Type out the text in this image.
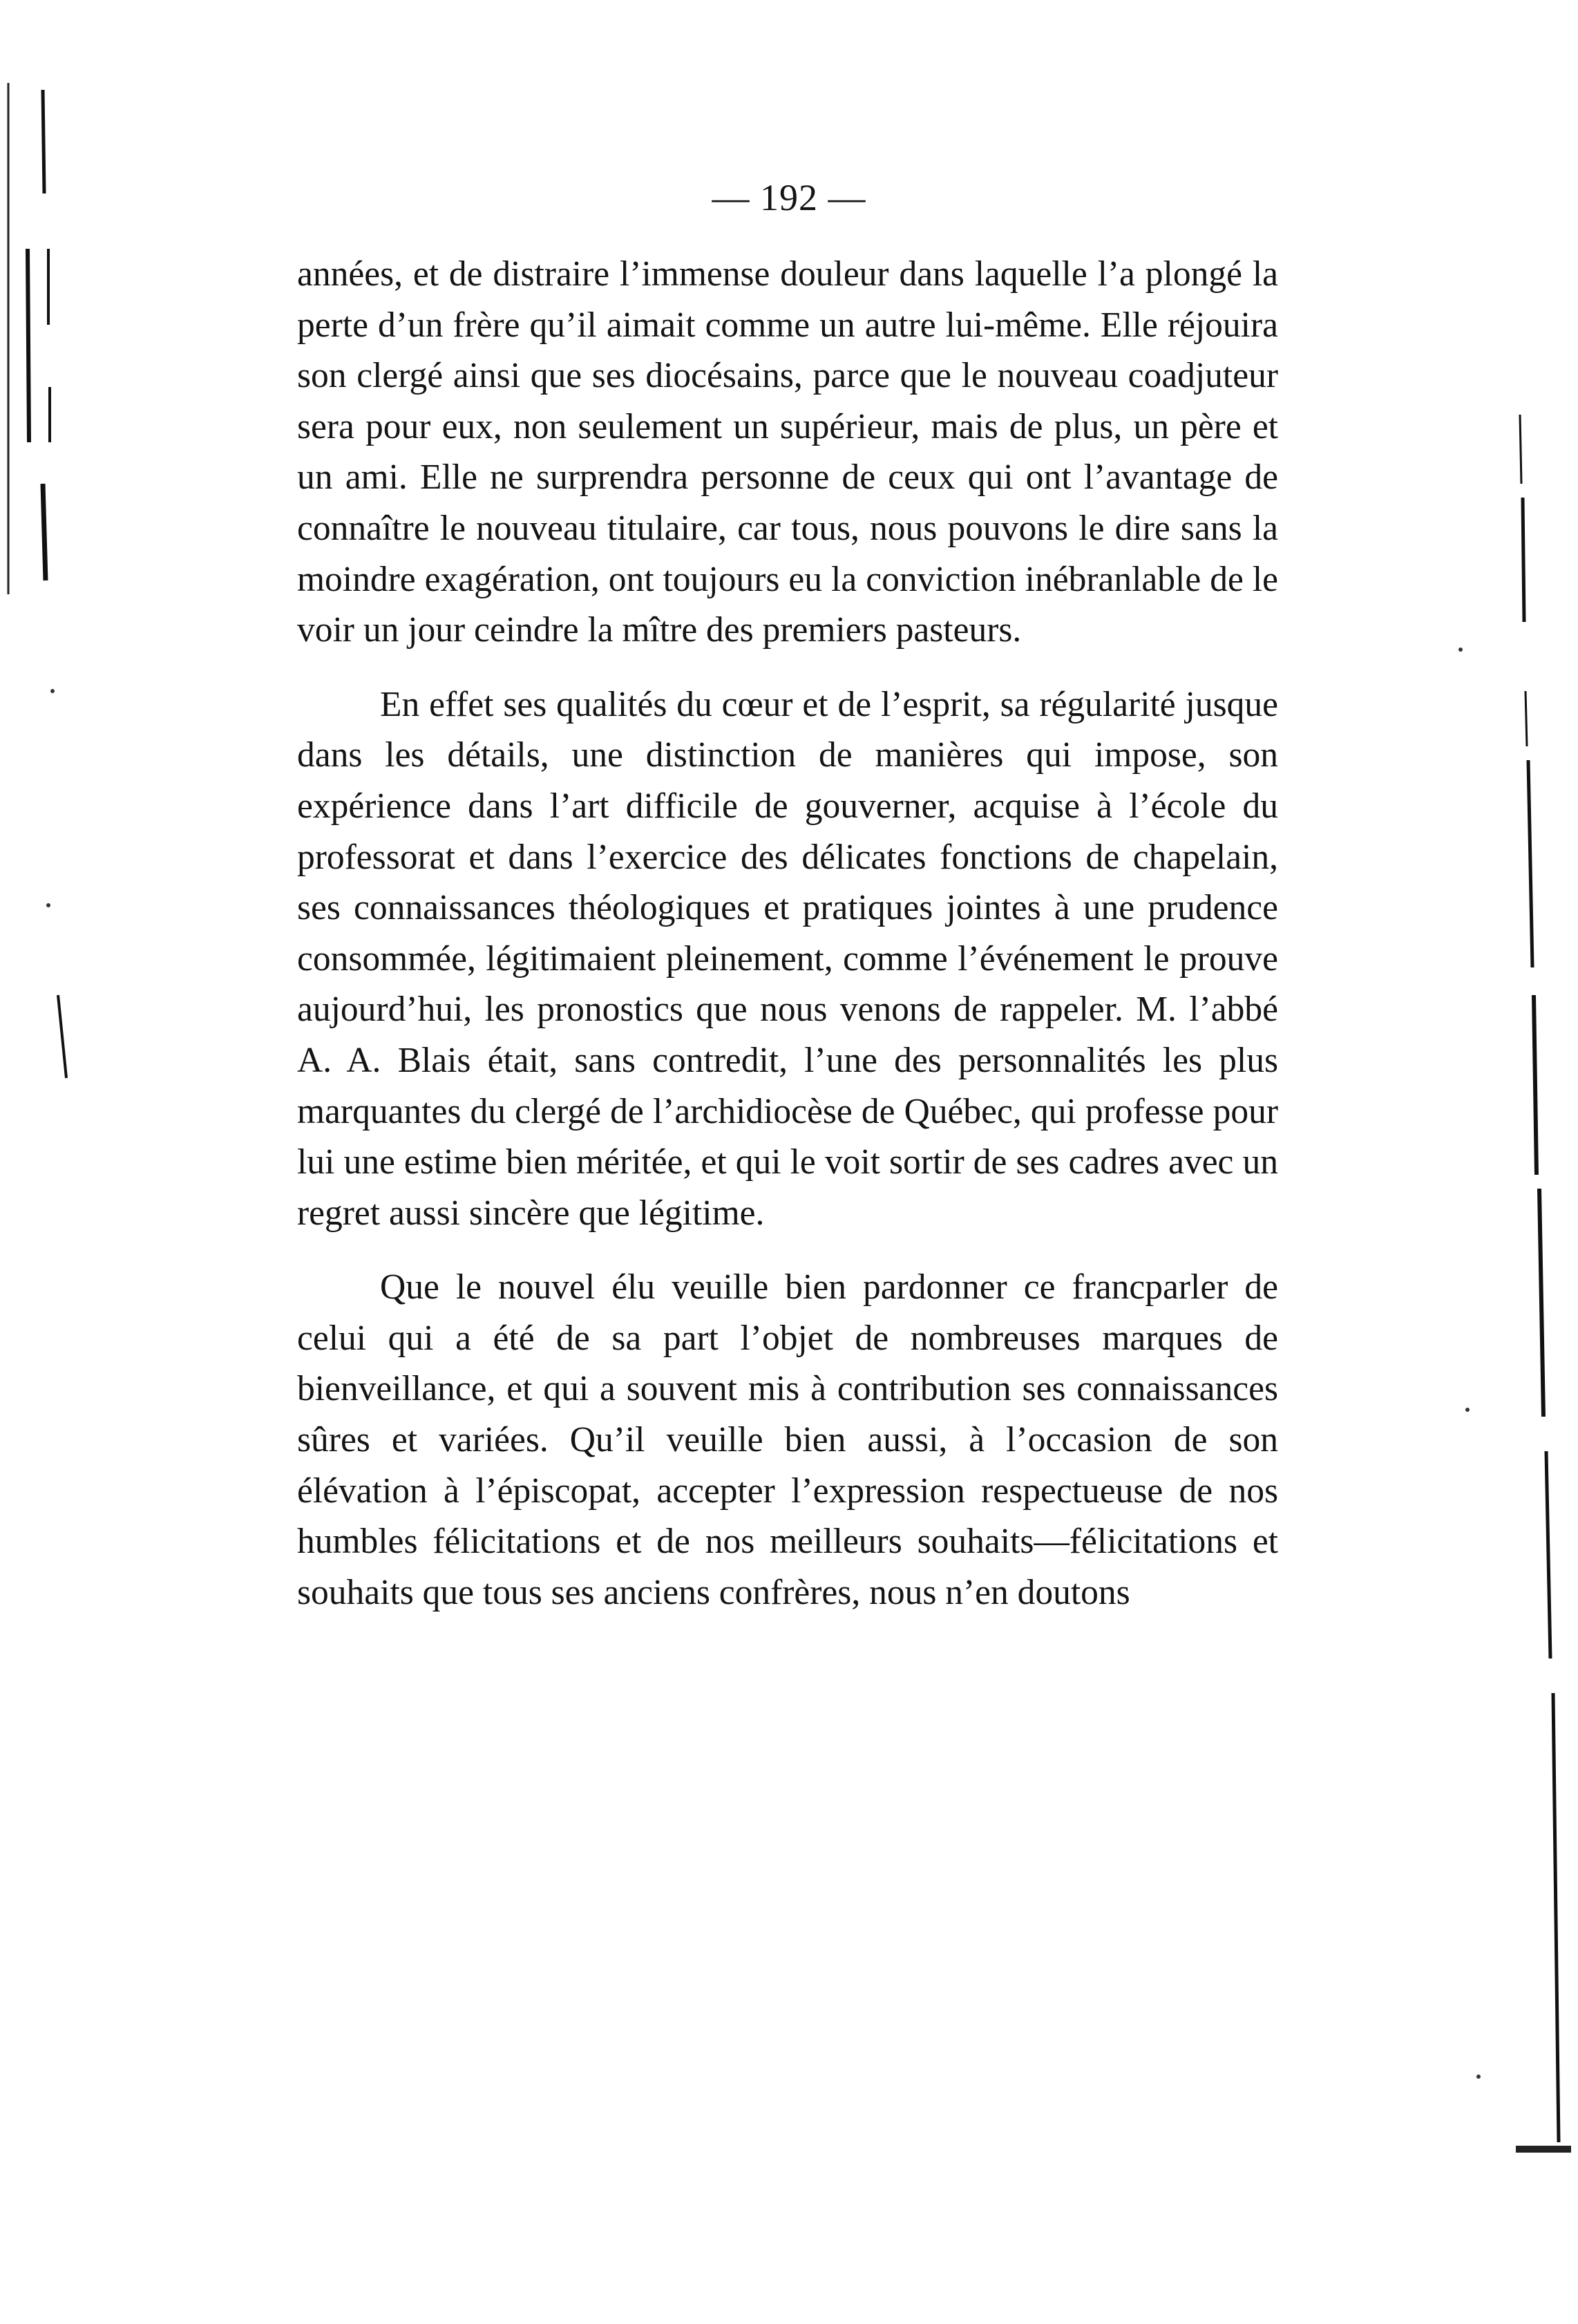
— 192 —

années, et de distraire l’immense douleur dans laquelle l’a plongé la perte d’un frère qu’il aimait comme un autre lui-même. Elle réjouira son clergé ainsi que ses diocésains, parce que le nouveau coadjuteur sera pour eux, non seulement un supérieur, mais de plus, un père et un ami. Elle ne surprendra personne de ceux qui ont l’avantage de connaître le nouveau titulaire, car tous, nous pouvons le dire sans la moindre exagération, ont toujours eu la conviction inébranlable de le voir un jour ceindre la mître des premiers pasteurs.

En effet ses qualités du cœur et de l’esprit, sa régularité jusque dans les détails, une distinction de manières qui impose, son expérience dans l’art difficile de gouverner, acquise à l’école du professorat et dans l’exercice des délicates fonctions de chapelain, ses connaissances théologiques et pratiques jointes à une prudence consommée, légitimaient pleinement, comme l’événement le prouve aujourd’hui, les pronostics que nous venons de rappeler. M. l’abbé A. A. Blais était, sans contredit, l’une des personnalités les plus marquantes du clergé de l’archidiocèse de Québec, qui professe pour lui une estime bien méritée, et qui le voit sortir de ses cadres avec un regret aussi sincère que légitime.

Que le nouvel élu veuille bien pardonner ce francparler de celui qui a été de sa part l’objet de nombreuses marques de bienveillance, et qui a souvent mis à contribution ses connaissances sûres et variées. Qu’il veuille bien aussi, à l’occasion de son élévation à l’épiscopat, accepter l’expression respectueuse de nos humbles félicitations et de nos meilleurs souhaits—félicitations et souhaits que tous ses anciens confrères, nous n’en doutons
